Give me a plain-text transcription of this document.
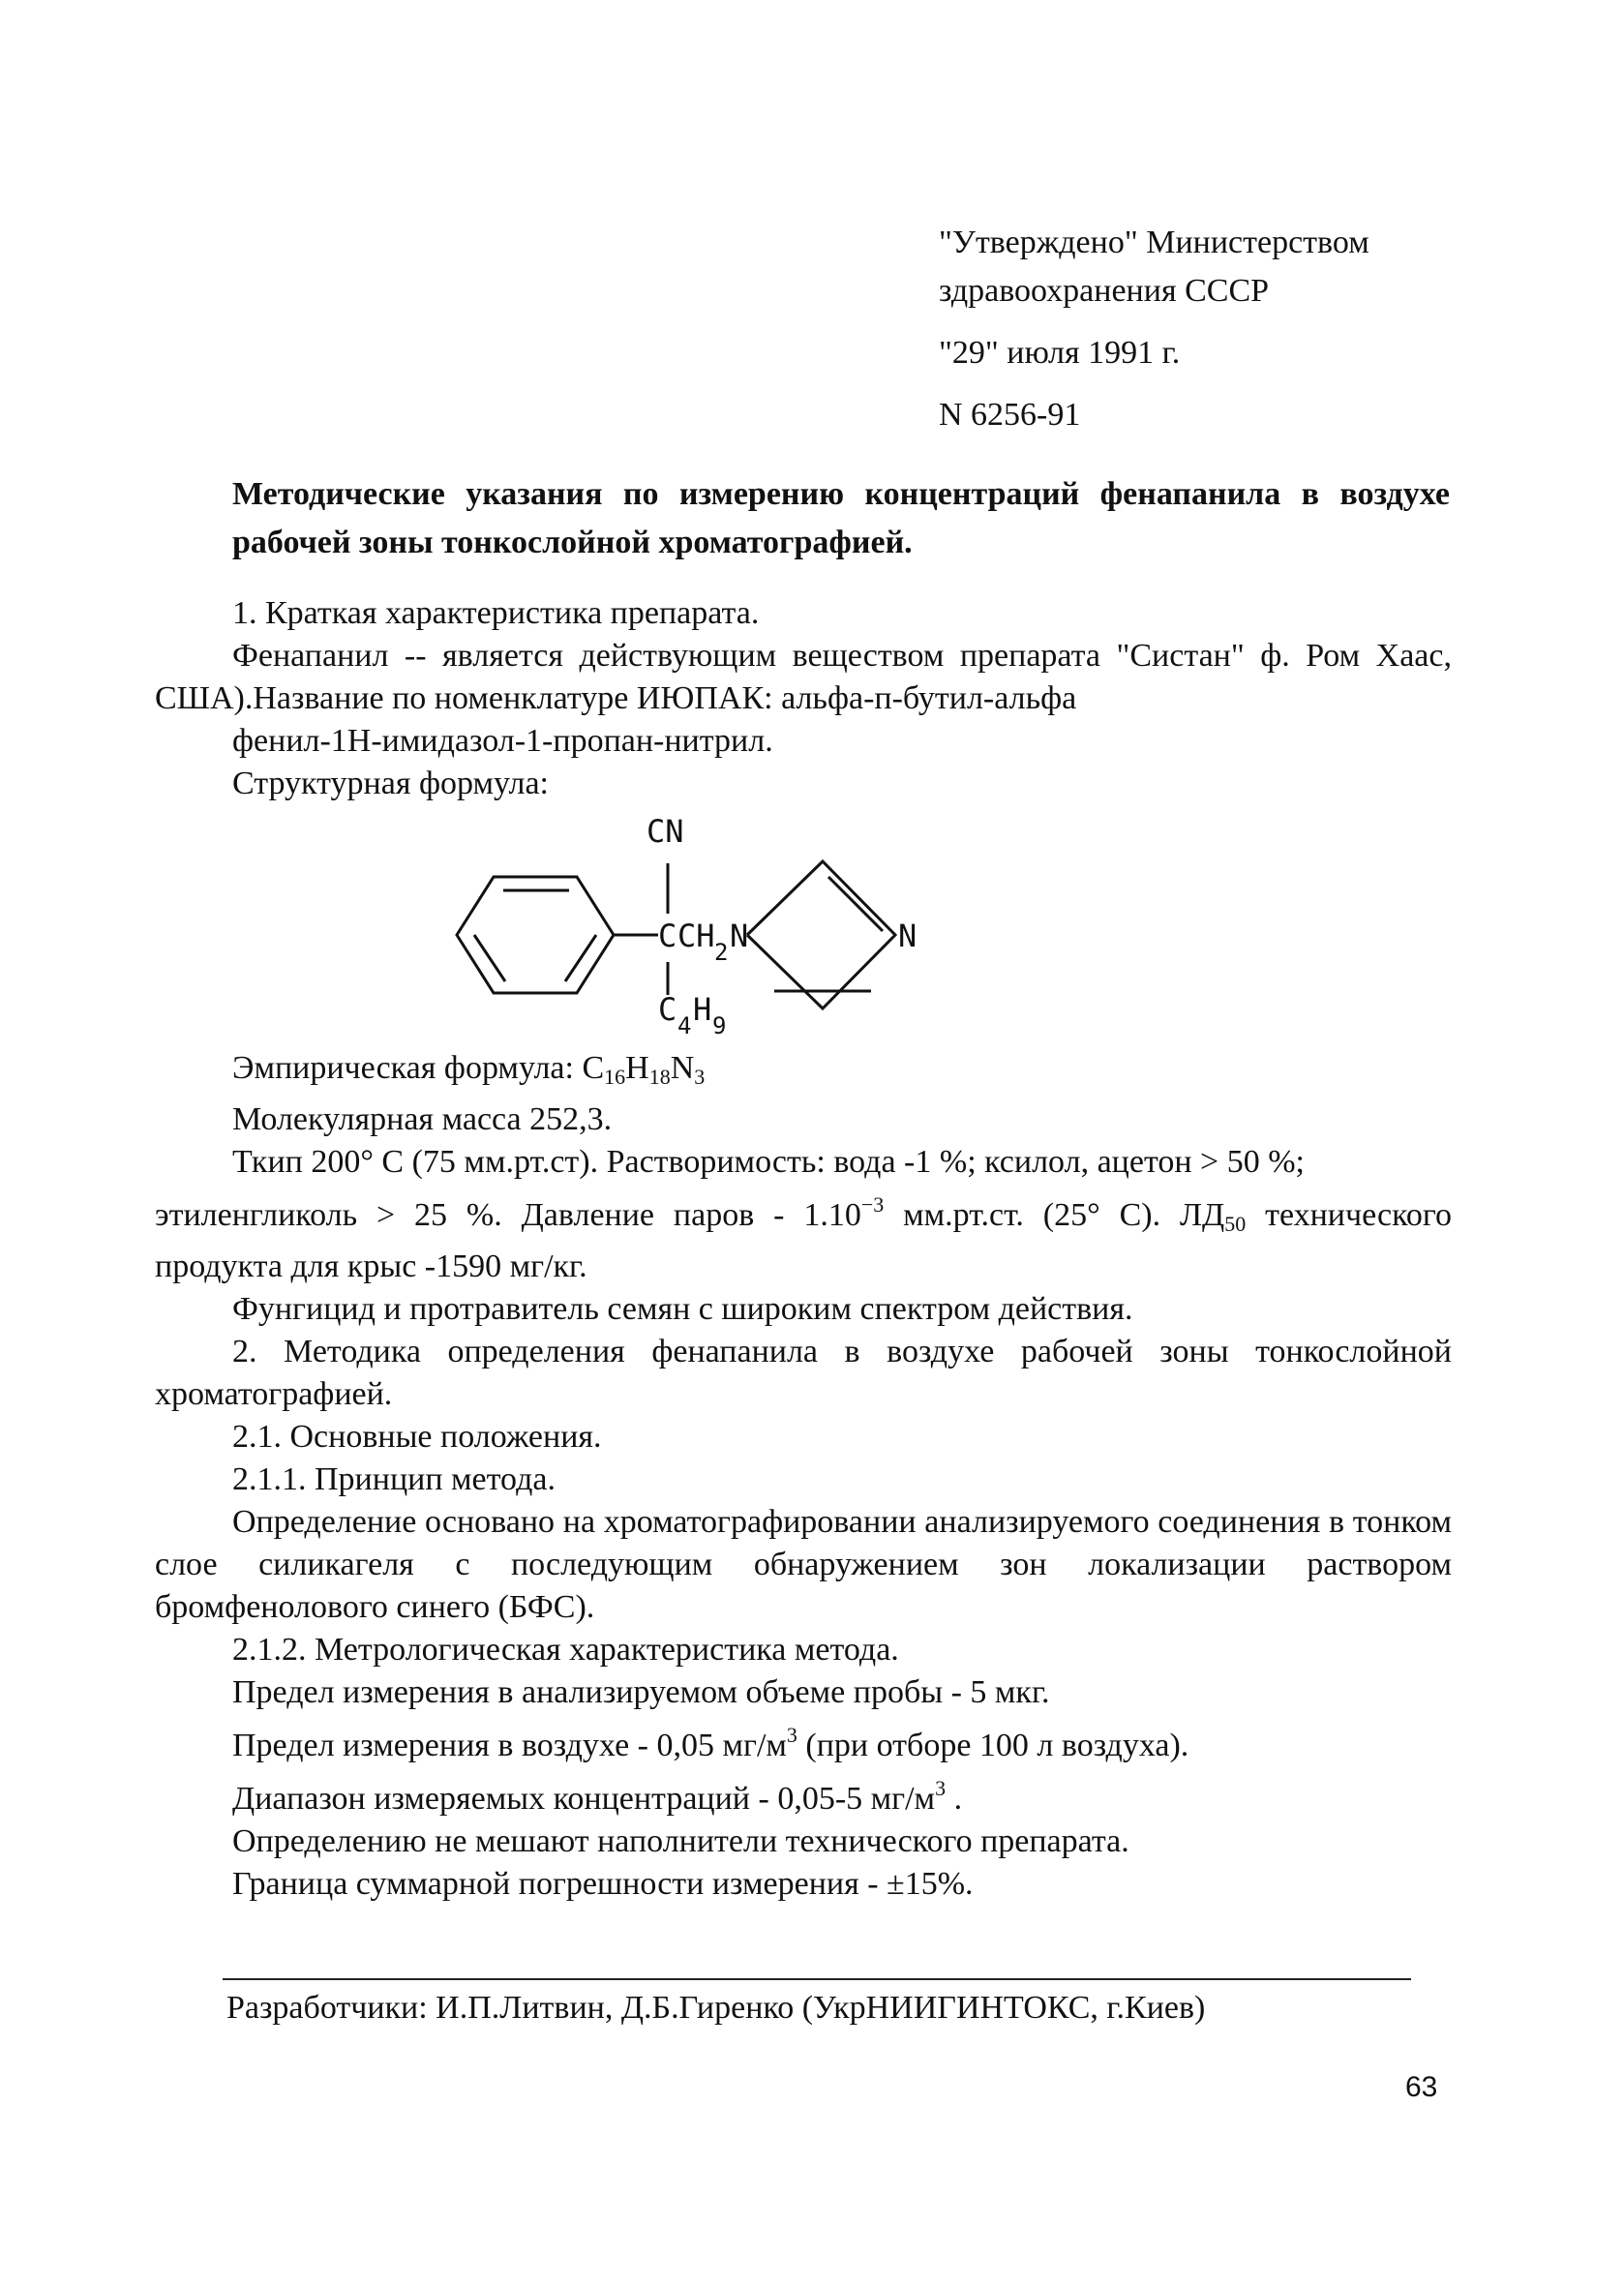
"Утверждено" Министерством
здравоохранения СССР
"29" июля 1991 г.
N 6256-91
Методические указания по измерению концентраций фенапанила в воздухе рабочей зоны тонкослойной хроматографией.

1. Краткая характеристика препарата.

Фенапанил -- является действующим веществом препарата "Систан" ф. Ром Хаас, США).Название по номенклатуре ИЮПАК: альфа-п-бутил-альфа

фенил-1Н-имидазол-1-пропан-нитрил.

Структурная формула:

CN
C CH 2 N	N
C 4 H 9

Эмпирическая формула: $C_{16}H_{18}N_3$

Молекулярная масса 252,3.

Ткип 200° С (75 мм.рт.ст). Растворимость: вода -1 %; ксилол, ацетон > 50 %;

этиленгликоль > 25 %. Давление паров - $1.10^{-3}$ мм.рт.ст. (25° С). $ЛД_{50}$ технического продукта для крыс -1590 мг/кг.

Фунгицид и протравитель семян с широким спектром действия.

2. Методика определения фенапанила в воздухе рабочей зоны тонкослойной хроматографией.

2.1. Основные положения.

2.1.1. Принцип метода.

Определение основано на хроматографировании анализируемого соединения в тонком слое силикагеля с последующим обнаружением зон локализации раствором бромфенолового синего (БФС).

2.1.2. Метрологическая характеристика метода.

Предел измерения в анализируемом объеме пробы - 5 мкг.

Предел измерения в воздухе - 0,05 $мг/м^3$ (при отборе 100 л воздуха).

Диапазон измеряемых концентраций - 0,05-5 $мг/м^3$ .

Определению не мешают наполнители технического препарата.

Граница суммарной погрешности измерения - ±15%.

Разработчики: И.П.Литвин, Д.Б.Гиренко (УкрНИИГИНТОКС, г.Киев)
63
